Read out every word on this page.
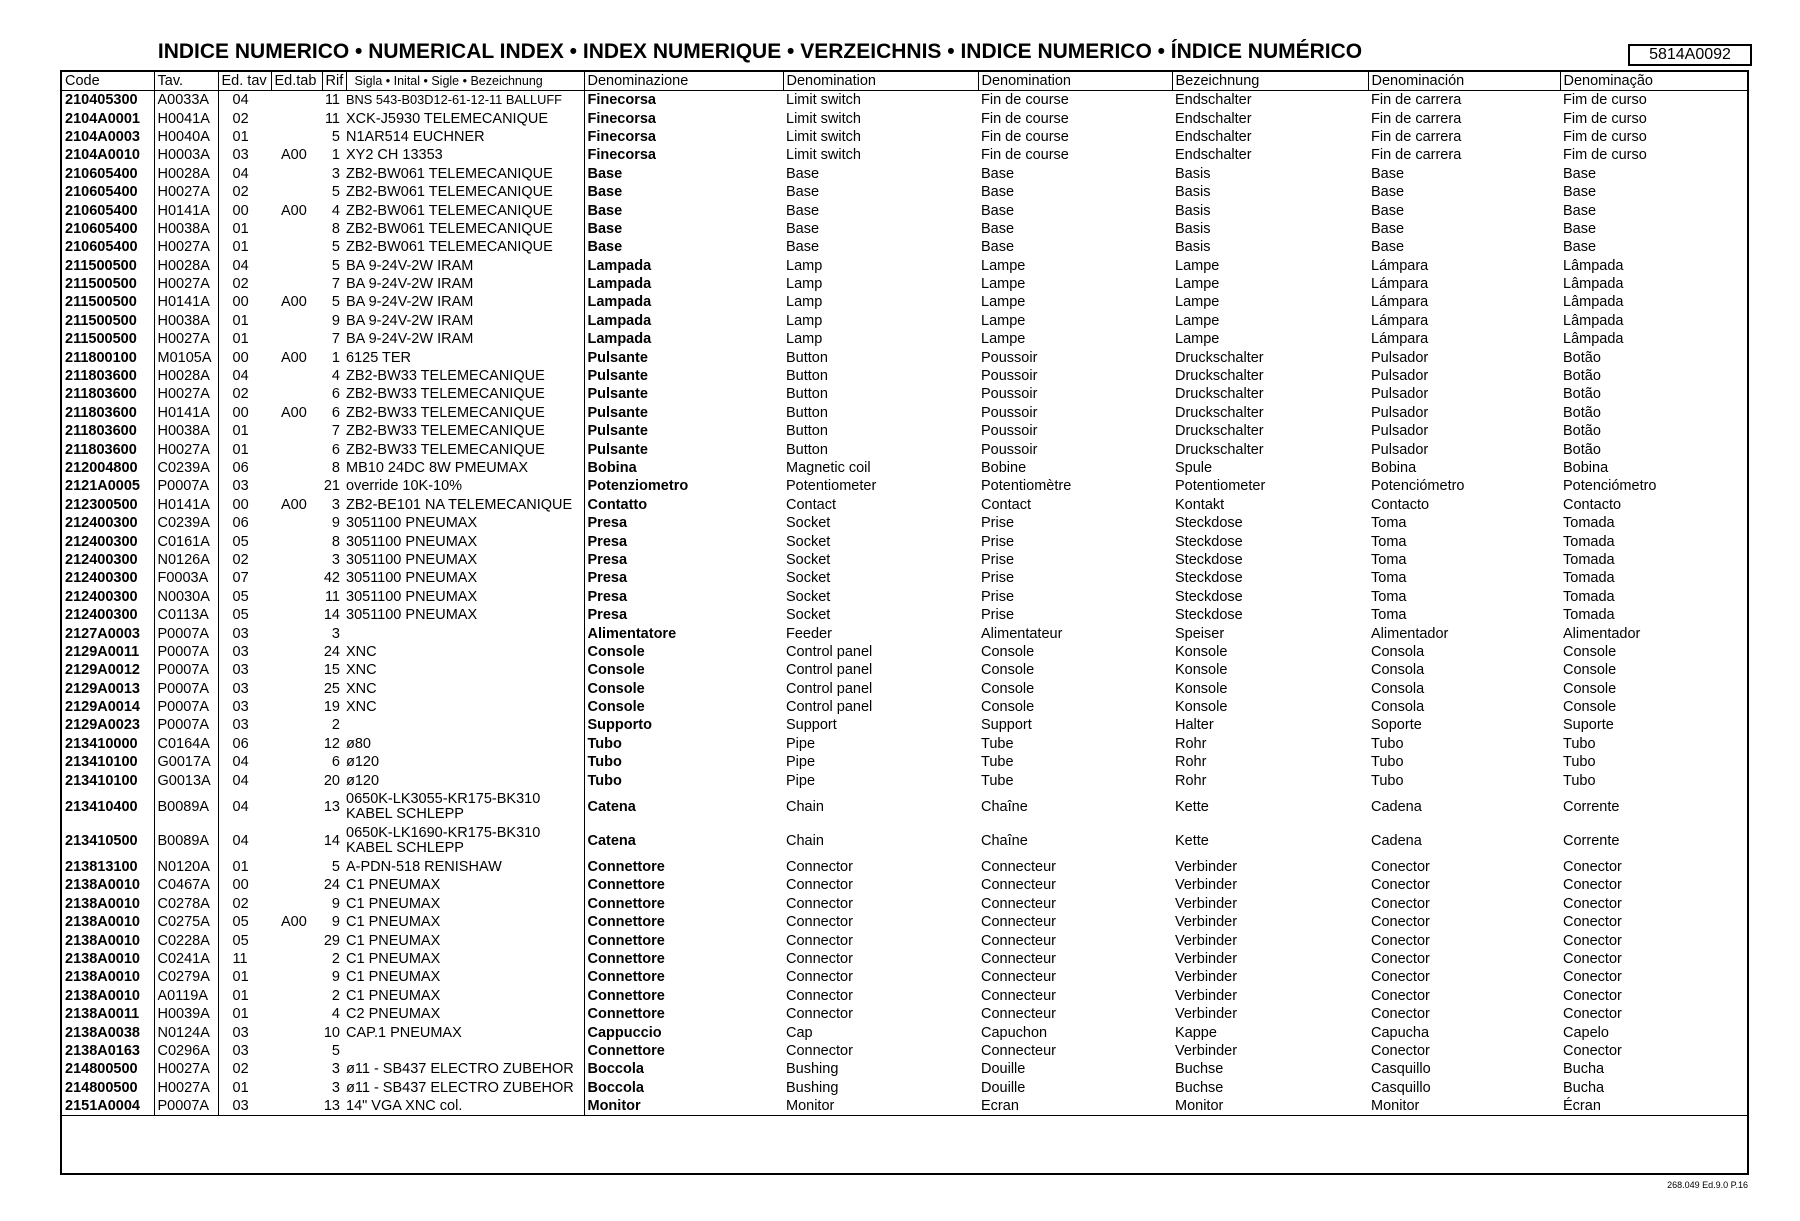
INDICE NUMERICO • NUMERICAL INDEX • INDEX NUMERIQUE • VERZEICHNIS • INDICE NUMERICO • ÍNDICE NUMÉRICO	5814A0092
Code	Tav.	Ed. tav	Ed.tab	Rif	Sigla • Inital • Sigle • Bezeichnung	Denominazione	Denomination	Denomination	Bezeichnung	Denominación	Denominação
210405300	A0033A	04		11	BNS 543-B03D12-61-12-11 BALLUFF	Finecorsa	Limit switch	Fin de course	Endschalter	Fin de carrera	Fim de curso
2104A0001	H0041A	02		11	XCK-J5930 TELEMECANIQUE	Finecorsa	Limit switch	Fin de course	Endschalter	Fin de carrera	Fim de curso
2104A0003	H0040A	01		5	N1AR514 EUCHNER	Finecorsa	Limit switch	Fin de course	Endschalter	Fin de carrera	Fim de curso
2104A0010	H0003A	03	A00	1	XY2 CH 13353	Finecorsa	Limit switch	Fin de course	Endschalter	Fin de carrera	Fim de curso
210605400	H0028A	04		3	ZB2-BW061 TELEMECANIQUE	Base	Base	Base	Basis	Base	Base
210605400	H0027A	02		5	ZB2-BW061 TELEMECANIQUE	Base	Base	Base	Basis	Base	Base
210605400	H0141A	00	A00	4	ZB2-BW061 TELEMECANIQUE	Base	Base	Base	Basis	Base	Base
210605400	H0038A	01		8	ZB2-BW061 TELEMECANIQUE	Base	Base	Base	Basis	Base	Base
210605400	H0027A	01		5	ZB2-BW061 TELEMECANIQUE	Base	Base	Base	Basis	Base	Base
211500500	H0028A	04		5	BA 9-24V-2W IRAM	Lampada	Lamp	Lampe	Lampe	Lámpara	Lâmpada
211500500	H0027A	02		7	BA 9-24V-2W IRAM	Lampada	Lamp	Lampe	Lampe	Lámpara	Lâmpada
211500500	H0141A	00	A00	5	BA 9-24V-2W IRAM	Lampada	Lamp	Lampe	Lampe	Lámpara	Lâmpada
211500500	H0038A	01		9	BA 9-24V-2W IRAM	Lampada	Lamp	Lampe	Lampe	Lámpara	Lâmpada
211500500	H0027A	01		7	BA 9-24V-2W IRAM	Lampada	Lamp	Lampe	Lampe	Lámpara	Lâmpada
211800100	M0105A	00	A00	1	6125 TER	Pulsante	Button	Poussoir	Druckschalter	Pulsador	Botão
211803600	H0028A	04		4	ZB2-BW33 TELEMECANIQUE	Pulsante	Button	Poussoir	Druckschalter	Pulsador	Botão
211803600	H0027A	02		6	ZB2-BW33 TELEMECANIQUE	Pulsante	Button	Poussoir	Druckschalter	Pulsador	Botão
211803600	H0141A	00	A00	6	ZB2-BW33 TELEMECANIQUE	Pulsante	Button	Poussoir	Druckschalter	Pulsador	Botão
211803600	H0038A	01		7	ZB2-BW33 TELEMECANIQUE	Pulsante	Button	Poussoir	Druckschalter	Pulsador	Botão
211803600	H0027A	01		6	ZB2-BW33 TELEMECANIQUE	Pulsante	Button	Poussoir	Druckschalter	Pulsador	Botão
212004800	C0239A	06		8	MB10 24DC 8W PMEUMAX	Bobina	Magnetic coil	Bobine	Spule	Bobina	Bobina
2121A0005	P0007A	03		21	override 10K-10%	Potenziometro	Potentiometer	Potentiomètre	Potentiometer	Potenciómetro	Potenciómetro
212300500	H0141A	00	A00	3	ZB2-BE101 NA TELEMECANIQUE	Contatto	Contact	Contact	Kontakt	Contacto	Contacto
212400300	C0239A	06		9	3051100 PNEUMAX	Presa	Socket	Prise	Steckdose	Toma	Tomada
212400300	C0161A	05		8	3051100 PNEUMAX	Presa	Socket	Prise	Steckdose	Toma	Tomada
212400300	N0126A	02		3	3051100 PNEUMAX	Presa	Socket	Prise	Steckdose	Toma	Tomada
212400300	F0003A	07		42	3051100 PNEUMAX	Presa	Socket	Prise	Steckdose	Toma	Tomada
212400300	N0030A	05		11	3051100 PNEUMAX	Presa	Socket	Prise	Steckdose	Toma	Tomada
212400300	C0113A	05		14	3051100 PNEUMAX	Presa	Socket	Prise	Steckdose	Toma	Tomada
2127A0003	P0007A	03		3		Alimentatore	Feeder	Alimentateur	Speiser	Alimentador	Alimentador
2129A0011	P0007A	03		24	XNC	Console	Control panel	Console	Konsole	Consola	Console
2129A0012	P0007A	03		15	XNC	Console	Control panel	Console	Konsole	Consola	Console
2129A0013	P0007A	03		25	XNC	Console	Control panel	Console	Konsole	Consola	Console
2129A0014	P0007A	03		19	XNC	Console	Control panel	Console	Konsole	Consola	Console
2129A0023	P0007A	03		2		Supporto	Support	Support	Halter	Soporte	Suporte
213410000	C0164A	06		12	ø80	Tubo	Pipe	Tube	Rohr	Tubo	Tubo
213410100	G0017A	04		6	ø120	Tubo	Pipe	Tube	Rohr	Tubo	Tubo
213410100	G0013A	04		20	ø120	Tubo	Pipe	Tube	Rohr	Tubo	Tubo
213410400	B0089A	04		13	0650K-LK3055-KR175-BK310 KABEL SCHLEPP	Catena	Chain	Chaîne	Kette	Cadena	Corrente
213410500	B0089A	04		14	0650K-LK1690-KR175-BK310 KABEL SCHLEPP	Catena	Chain	Chaîne	Kette	Cadena	Corrente
213813100	N0120A	01		5	A-PDN-518 RENISHAW	Connettore	Connector	Connecteur	Verbinder	Conector	Conector
2138A0010	C0467A	00		24	C1 PNEUMAX	Connettore	Connector	Connecteur	Verbinder	Conector	Conector
2138A0010	C0278A	02		9	C1 PNEUMAX	Connettore	Connector	Connecteur	Verbinder	Conector	Conector
2138A0010	C0275A	05	A00	9	C1 PNEUMAX	Connettore	Connector	Connecteur	Verbinder	Conector	Conector
2138A0010	C0228A	05		29	C1 PNEUMAX	Connettore	Connector	Connecteur	Verbinder	Conector	Conector
2138A0010	C0241A	11		2	C1 PNEUMAX	Connettore	Connector	Connecteur	Verbinder	Conector	Conector
2138A0010	C0279A	01		9	C1 PNEUMAX	Connettore	Connector	Connecteur	Verbinder	Conector	Conector
2138A0010	A0119A	01		2	C1 PNEUMAX	Connettore	Connector	Connecteur	Verbinder	Conector	Conector
2138A0011	H0039A	01		4	C2 PNEUMAX	Connettore	Connector	Connecteur	Verbinder	Conector	Conector
2138A0038	N0124A	03		10	CAP.1 PNEUMAX	Cappuccio	Cap	Capuchon	Kappe	Capucha	Capelo
2138A0163	C0296A	03		5		Connettore	Connector	Connecteur	Verbinder	Conector	Conector
214800500	H0027A	02		3	ø11 - SB437 ELECTRO ZUBEHOR	Boccola	Bushing	Douille	Buchse	Casquillo	Bucha
214800500	H0027A	01		3	ø11 - SB437 ELECTRO ZUBEHOR	Boccola	Bushing	Douille	Buchse	Casquillo	Bucha
2151A0004	P0007A	03		13	14" VGA XNC col.	Monitor	Monitor	Ecran	Monitor	Monitor	Écran
268.049 Ed.9.0 P.16
